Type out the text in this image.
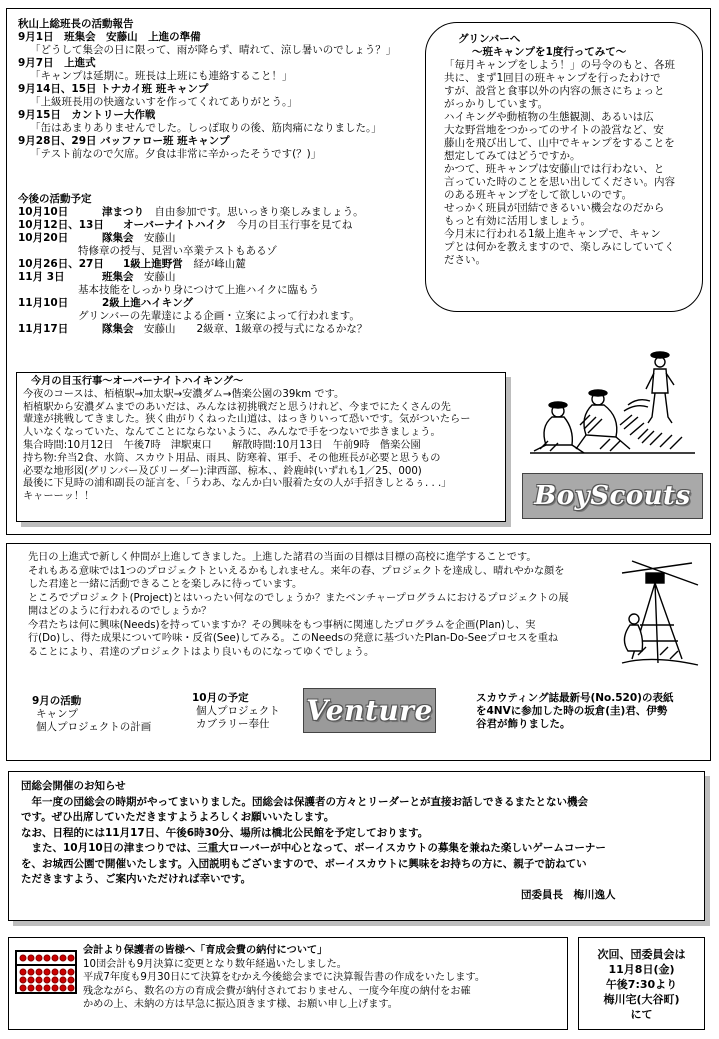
秋山上総班長の活動報告
9月1日　班集会　安藤山　上進の準備
「どうして集会の日に限って、雨が降らず、晴れて、涼し暑いのでしょう？」
9月7日　上進式
「キャンプは延期に。班長は上班にも連絡すること！」
9月14日、15日 トナカイ班 班キャンプ
「上級班長用の快適ないすを作ってくれてありがとう。」
9月15日　カントリー大作戦
「缶はあまりありませんでした。しっぽ取りの後、筋肉痛になりました。」
9月28日、29日 バッファロー班 班キャンプ
「テスト前なので欠席。夕食は非常に辛かったそうです(？)」
今後の活動予定
10月10日	津まつり　 自由参加です。思いっきり楽しみましょう。
10月12日、13日 オーバーナイトハイク　 今月の目玉行事を見てね
10月20日	隊集会　 安藤山
特修章の授与、見習い卒業テストもあるゾ
10月26日、27日 1級上進野営　 経が峰山麓
11月 3日	班集会　 安藤山
基本技能をしっかり身につけて上進ハイクに臨もう
11月10日	2級上進ハイキング
グリンバーの先輩達による企画・立案によって行われます。
11月17日	隊集会　 安藤山　　2級章、1級章の授与式になるかな？
グリンバーへ
～班キャンプを1度行ってみて～
「毎月キャンプをしよう！」の号令のもと、各班
共に、まず1回目の班キャンプを行ったわけで
すが、設営と食事以外の内容の無さにちょっと
がっかりしています。
ハイキングや動植物の生態観測、あるいは広
大な野営地をつかってのサイトの設営など、安
藤山を飛び出して、山中でキャンプをすることを
想定してみてはどうですか。
かつて、班キャンプは安藤山では行わない、と
言っていた時のことを思い出してください。内容
のある班キャンプをして欲しいのです。
せっかく班員が団結できるいい機会なのだから
もっと有効に活用しましょう。
今月末に行われる1級上進キャンプで、キャン
プとは何かを教えますので、楽しみにしていてく
ださい。
今月の目玉行事～オーバーナイトハイキング～
今夜のコースは、栢植駅→加太駅→安濃ダム→偕楽公園の39km です。
栢植駅から安濃ダムまでのあいだは、みんなは初挑戦だと思うけれど、今までにたくさんの先
輩達が挑戦してきました。狭く曲がりくねった山道は、はっきりいって恐いです。気がついたらー
人いなくなっていた、なんてことにならないように、みんなで手をつないで歩きましょう。
集合時間:10月12日　午後7時　津駅東口　　解散時間:10月13日　午前9時　偕楽公園
持ち物:弁当2食、水筒、スカウト用品、雨具、防寒着、軍手、その他班長が必要と思うもの
必要な地形図(グリンバー及びリーダー):津西部、椋本、、鈴鹿峠(いずれも1／25、000)
最後に下見時の浦和副長の証言を、「うわあ、なんか白い服着た女の人が手招きしとるぅ. . .」
キャーーッ！！	BoyScouts
先日の上進式で新しく仲間が上進してきました。上進した諸君の当面の目標は目標の高校に進学することです。
それもある意味では1つのプロジェクトといえるかもしれません。来年の春、プロジェクトを達成し、晴れやかな顔を
した君達と一緒に活動できることを楽しみに待っています。
ところでプロジェクト(Project)とはいったい何なのでしょうか？またベンチャープログラムにおけるプロジェクトの展
開はどのように行われるのでしょうか？
今君たちは何に興味(Needs)を持っていますか？その興味をもつ事柄に関連したプログラムを企画(Plan)し、実
行(Do)し、得た成果について吟味・反省(See)してみる。このNeedsの発意に基づいたPlan-Do-Seeプロセスを重ね
ることにより、君達のプロジェクトはより良いものになってゆくでしょう。
9月の活動
キャンプ
個人プロジェクトの計画
10月の予定
個人プロジェクト
カブラリー奉仕	Venture	スカウティング誌最新号(No.520)の表紙
を4NVに参加した時の坂倉(圭)君、伊勢
谷君が飾りました。
団総会開催のお知らせ
　年一度の団総会の時期がやってまいりました。団総会は保護者の方々とリーダーとが直接お話しできるまたとない機会
です。ぜひ出席していただきますようよろしくお願いいたします。
なお、日程的には11月17日、午後6時30分、場所は橋北公民館を予定しております。
　また、10月10日の津まつりでは、三重大ローバーが中心となって、ボーイスカウトの募集を兼ねた楽しいゲームコーナー
を、お城西公園で開催いたします。入団説明もございますので、ボーイスカウトに興味をお持ちの方に、親子で訪ねてい
ただきますよう、ご案内いただければ幸いです。
団委員長　梅川逸人
会計より保護者の皆様へ「育成会費の納付について」
10団会計も9月決算に変更となり数年経過いたしました。
平成7年度も9月30日にて決算をむかえ今後総会までに決算報告書の作成をいたします。
残念ながら、数名の方の育成会費が納付されておりません、一度今年度の納付をお確
かめの上、未納の方は早急に振込頂きます様、お願い申し上げます。
次回、団委員会は
11月8日(金)
午後7:30より
梅川宅(大谷町)
にて
